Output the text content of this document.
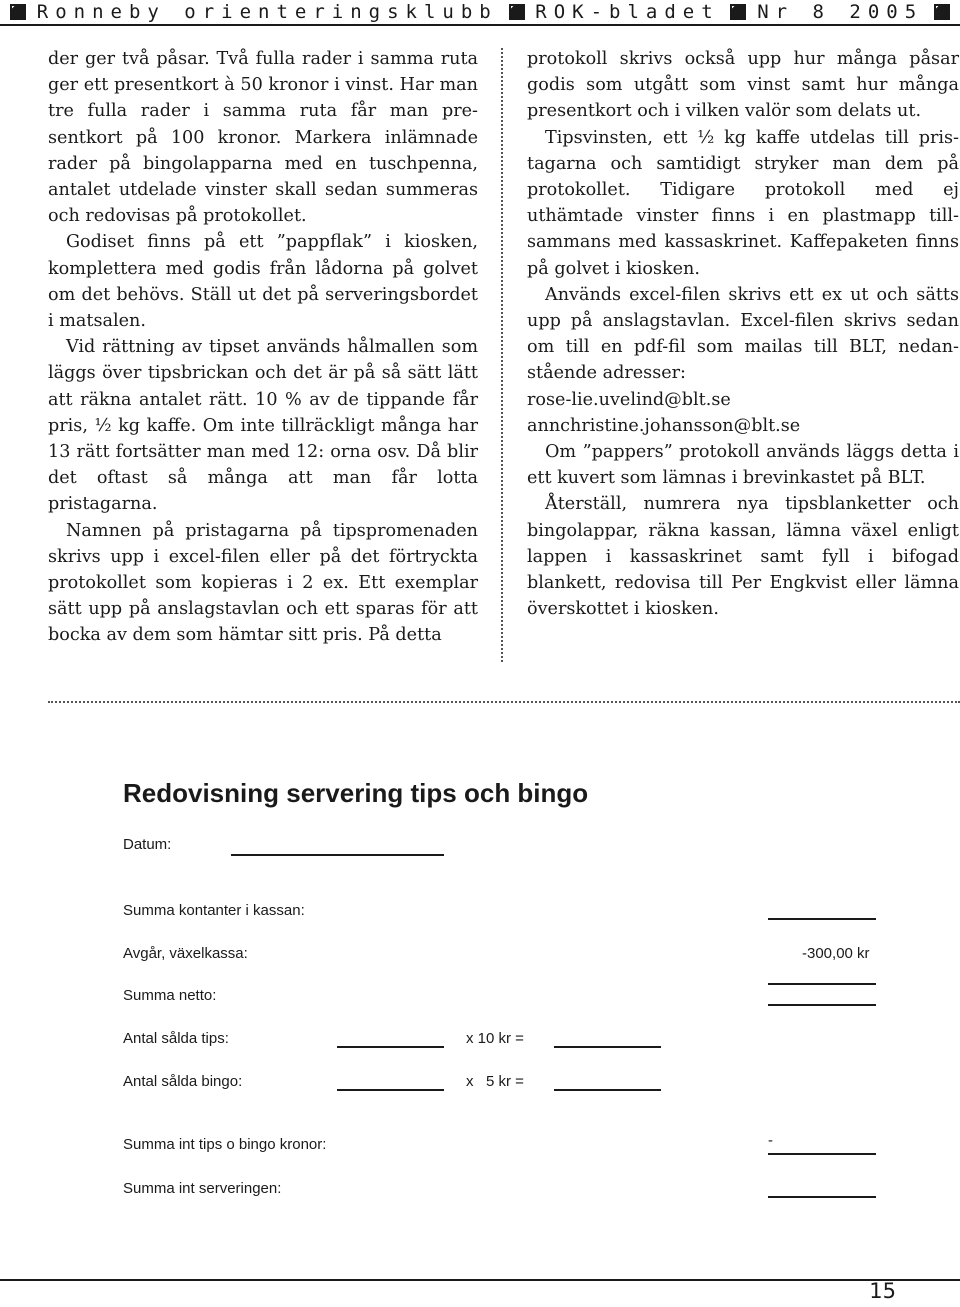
Ronneby orienteringsklubb ROK-bladet Nr 8 2005

der ger två påsar. Två fulla rader i samma ruta ger ett presentkort à 50 kronor i vinst. Har man tre fulla rader i samma ruta får man presentkort på 100 kronor. Markera inlämnade rader på bingolapparna med en tuschpenna, antalet utdelade vinster skall sedan summeras och redovisas på protokollet.

Godiset finns på ett ”pappflak” i kiosken, komplettera med godis från lådorna på golvet om det behövs. Ställ ut det på serveringsbordet i matsalen.

Vid rättning av tipset används hålmallen som läggs över tipsbrickan och det är på så sätt lätt att räkna antalet rätt. 10 % av de tippande får pris, ½ kg kaffe. Om inte tillräckligt många har 13 rätt fortsätter man med 12: orna osv. Då blir det oftast så många att man får lotta pristagarna.

Namnen på pristagarna på tipspromenaden skrivs upp i excel-filen eller på det förtryckta protokollet som kopieras i 2 ex. Ett exemplar sätt upp på anslagstavlan och ett sparas för att bocka av dem som hämtar sitt pris. På detta

protokoll skrivs också upp hur många påsar godis som utgått som vinst samt hur många presentkort och i vilken valör som delats ut.

Tipsvinsten, ett ½ kg kaffe utdelas till pristagarna och samtidigt stryker man dem på protokollet. Tidigare protokoll med ej uthämtade vinster finns i en plastmapp tillsammans med kassaskrinet. Kaffepaketen finns på golvet i kiosken.

Används excel-filen skrivs ett ex ut och sätts upp på anslagstavlan. Excel-filen skrivs sedan om till en pdf-fil som mailas till BLT, nedanstående adresser:

rose-lie.uvelind@blt.se

annchristine.johansson@blt.se

Om ”pappers” protokoll används läggs detta i ett kuvert som lämnas i brevinkastet på BLT.

Återställ, numrera nya tipsblanketter och bingolappar, räkna kassan, lämna växel enligt lappen i kassaskrinet samt fyll i bifogad blankett, redovisa till Per Engkvist eller lämna överskottet i kiosken.

Redovisning servering tips och bingo
Datum:
Summa kontanter i kassan:
Avgår, växelkassa:	-300,00 kr
Summa netto:
Antal sålda tips:	x 10 kr =
Antal sålda bingo:	x   5 kr =
Summa int tips o bingo kronor:	-
Summa int serveringen:
15
